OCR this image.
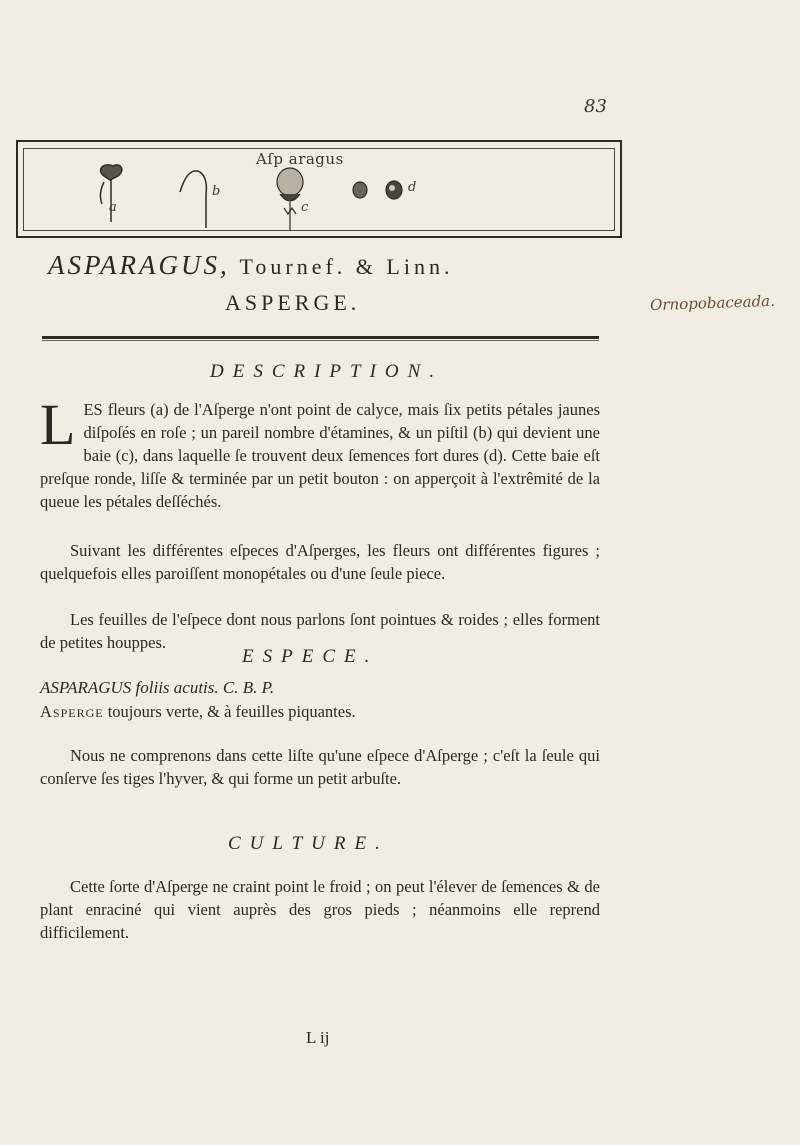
83
Aſp aragus
a
b
c
d
ASPARAGUS, Tournef. & Linn.
ASPERGE.	Ornopobaceada.
DESCRIPTION.

LES fleurs (a) de l'Aſperge n'ont point de calyce, mais ſix petits pétales jaunes diſpoſés en roſe ; un pareil nombre d'étamines, & un piſtil (b) qui devient une baie (c), dans laquelle ſe trouvent deux ſemences fort dures (d). Cette baie eſt preſque ronde, liſſe & terminée par un petit bouton : on apperçoit à l'extrêmité de la queue les pétales deſſéchés.

Suivant les différentes eſpeces d'Aſperges, les fleurs ont différentes figures ; quelquefois elles paroiſſent monopétales ou d'une ſeule piece.

Les feuilles de l'eſpece dont nous parlons ſont pointues & roides ; elles forment de petites houppes.

ESPECE.
ASPARAGUS foliis acutis. C. B. P.
Asperge toujours verte, & à feuilles piquantes.

Nous ne comprenons dans cette liſte qu'une eſpece d'Aſperge ; c'eſt la ſeule qui conſerve ſes tiges l'hyver, & qui forme un petit arbuſte.

CULTURE.

Cette ſorte d'Aſperge ne craint point le froid ; on peut l'élever de ſemences & de plant enraciné qui vient auprès des gros pieds ; néanmoins elle reprend difficilement.

L ij
